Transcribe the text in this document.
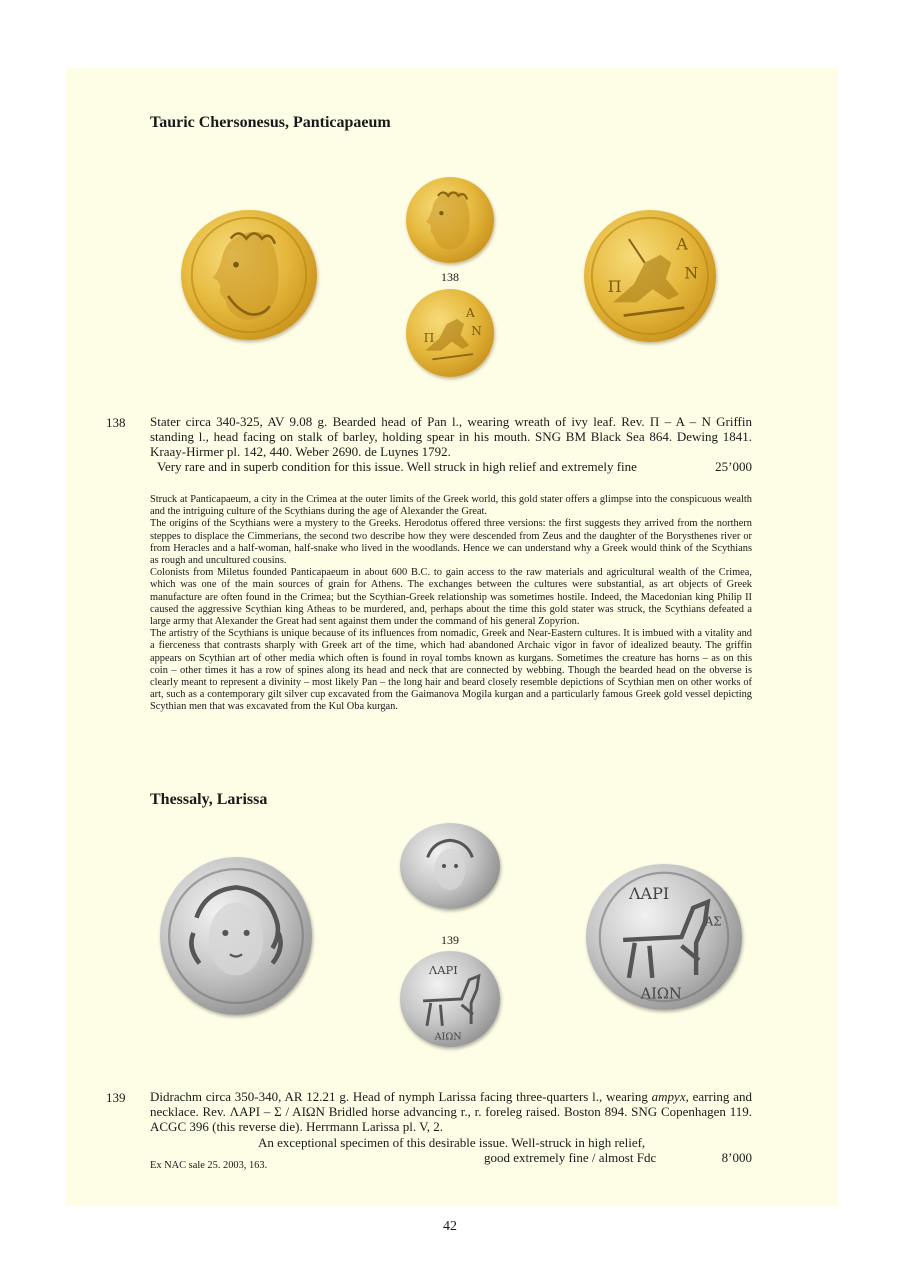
Tauric Chersonesus, Panticapaeum
138
Π
Α
Ν
Π
Α
Ν
138 Stater circa 340-325, AV 9.08 g. Bearded head of Pan l., wearing wreath of ivy leaf. Rev. Π – Α – Ν Griffin standing l., head facing on stalk of barley, holding spear in his mouth. SNG BM Black Sea 864. Dewing 1841. Kraay-Hirmer pl. 142, 440. Weber 2690. de Luynes 1792.
Very rare and in superb condition for this issue. Well struck in high relief and extremely fine	25’000

Struck at Panticapaeum, a city in the Crimea at the outer limits of the Greek world, this gold stater offers a glimpse into the conspicuous wealth and the intriguing culture of the Scythians during the age of Alexander the Great.

The origins of the Scythians were a mystery to the Greeks. Herodotus offered three versions: the first suggests they arrived from the northern steppes to displace the Cimmerians, the second two describe how they were descended from Zeus and the daughter of the Borysthenes river or from Heracles and a half-woman, half-snake who lived in the woodlands. Hence we can understand why a Greek would think of the Scythians as rough and uncultured cousins.

Colonists from Miletus founded Panticapaeum in about 600 B.C. to gain access to the raw materials and agricultural wealth of the Crimea, which was one of the main sources of grain for Athens. The exchanges between the cultures were substantial, as art objects of Greek manufacture are often found in the Crimea; but the Scythian-Greek relationship was sometimes hostile. Indeed, the Macedonian king Philip II caused the aggressive Scythian king Atheas to be murdered, and, perhaps about the time this gold stater was struck, the Scythians defeated a large army that Alexander the Great had sent against them under the command of his general Zopyrion.

The artistry of the Scythians is unique because of its influences from nomadic, Greek and Near-Eastern cultures. It is imbued with a vitality and a fierceness that contrasts sharply with Greek art of the time, which had abandoned Archaic vigor in favor of idealized beauty. The griffin appears on Scythian art of other media which often is found in royal tombs known as kurgans. Sometimes the creature has horns – as on this coin – other times it has a row of spines along its head and neck that are connected by webbing. Though the bearded head on the obverse is clearly meant to represent a divinity – most likely Pan – the long hair and beard closely resemble depictions of Scythian men on other works of art, such as a contemporary gilt silver cup excavated from the Gaimanova Mogila kurgan and a particularly famous Greek gold vessel depicting Scythian men that was excavated from the Kul Oba kurgan.

Thessaly, Larissa
139
ΛΑΡΙ
ΑΙΩΝ
ΛΑΡΙ
ΑΣ
ΑΙΩΝ
139 Didrachm circa 350-340, AR 12.21 g. Head of nymph Larissa facing three-quarters l., wearing ampyx, earring and necklace. Rev. ΛΑΡΙ – Σ / ΑΙΩΝ Bridled horse advancing r., r. foreleg raised. Boston 894. SNG Copenhagen 119. ACGC 396 (this reverse die). Herrmann Larissa pl. V, 2.
An exceptional specimen of this desirable issue. Well-struck in high relief,
good extremely fine / almost Fdc	8’000
Ex NAC sale 25. 2003, 163.
42
